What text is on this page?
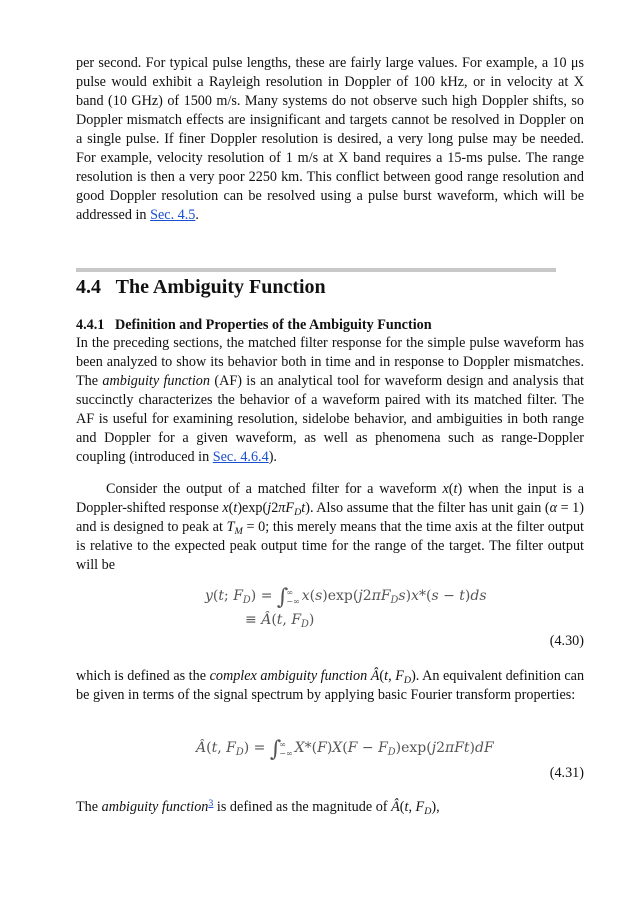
per second. For typical pulse lengths, these are fairly large values. For example, a 10 μs pulse would exhibit a Rayleigh resolution in Doppler of 100 kHz, or in velocity at X band (10 GHz) of 1500 m/s. Many systems do not observe such high Doppler shifts, so Doppler mismatch effects are insignificant and targets cannot be resolved in Doppler on a single pulse. If finer Doppler resolution is desired, a very long pulse may be needed. For example, velocity resolution of 1 m/s at X band requires a 15-ms pulse. The range resolution is then a very poor 2250 km. This conflict between good range resolution and good Doppler resolution can be resolved using a pulse burst waveform, which will be addressed in Sec. 4.5.

4.4   The Ambiguity Function
4.4.1   Definition and Properties of the Ambiguity Function

In the preceding sections, the matched filter response for the simple pulse waveform has been analyzed to show its behavior both in time and in response to Doppler mismatches. The ambiguity function (AF) is an analytical tool for waveform design and analysis that succinctly characterizes the behavior of a waveform paired with its matched filter. The AF is useful for examining resolution, sidelobe behavior, and ambiguities in both range and Doppler for a given waveform, as well as phenomena such as range-Doppler coupling (introduced in Sec. 4.6.4).

Consider the output of a matched filter for a waveform x(t) when the input is a Doppler-shifted response $x(t)\exp(j2\pi F_Dt)$. Also assume that the filter has unit gain (α = 1) and is designed to peak at $T_M = 0$; this merely means that the time axis at the filter output is relative to the expected peak output time for the range of the target. The filter output will be

y(t; $F_D$) = ∫
∞
−∞ $x(s)\exp(j2\pi F_Ds)x*(s - t)ds$
≡ Â(t, $F_D$)
(4.30)

which is defined as the complex ambiguity function Â(t, $F_D$). An equivalent definition can be given in terms of the signal spectrum by applying basic Fourier transform properties:

Â(t, $F_D$) = ∫
∞
−∞ $X*(F)X(F - F_D)\exp(j2\pi Ft)dF$
(4.31)

The ambiguity function$^3$ is defined as the magnitude of Â(t, $F_D$),
